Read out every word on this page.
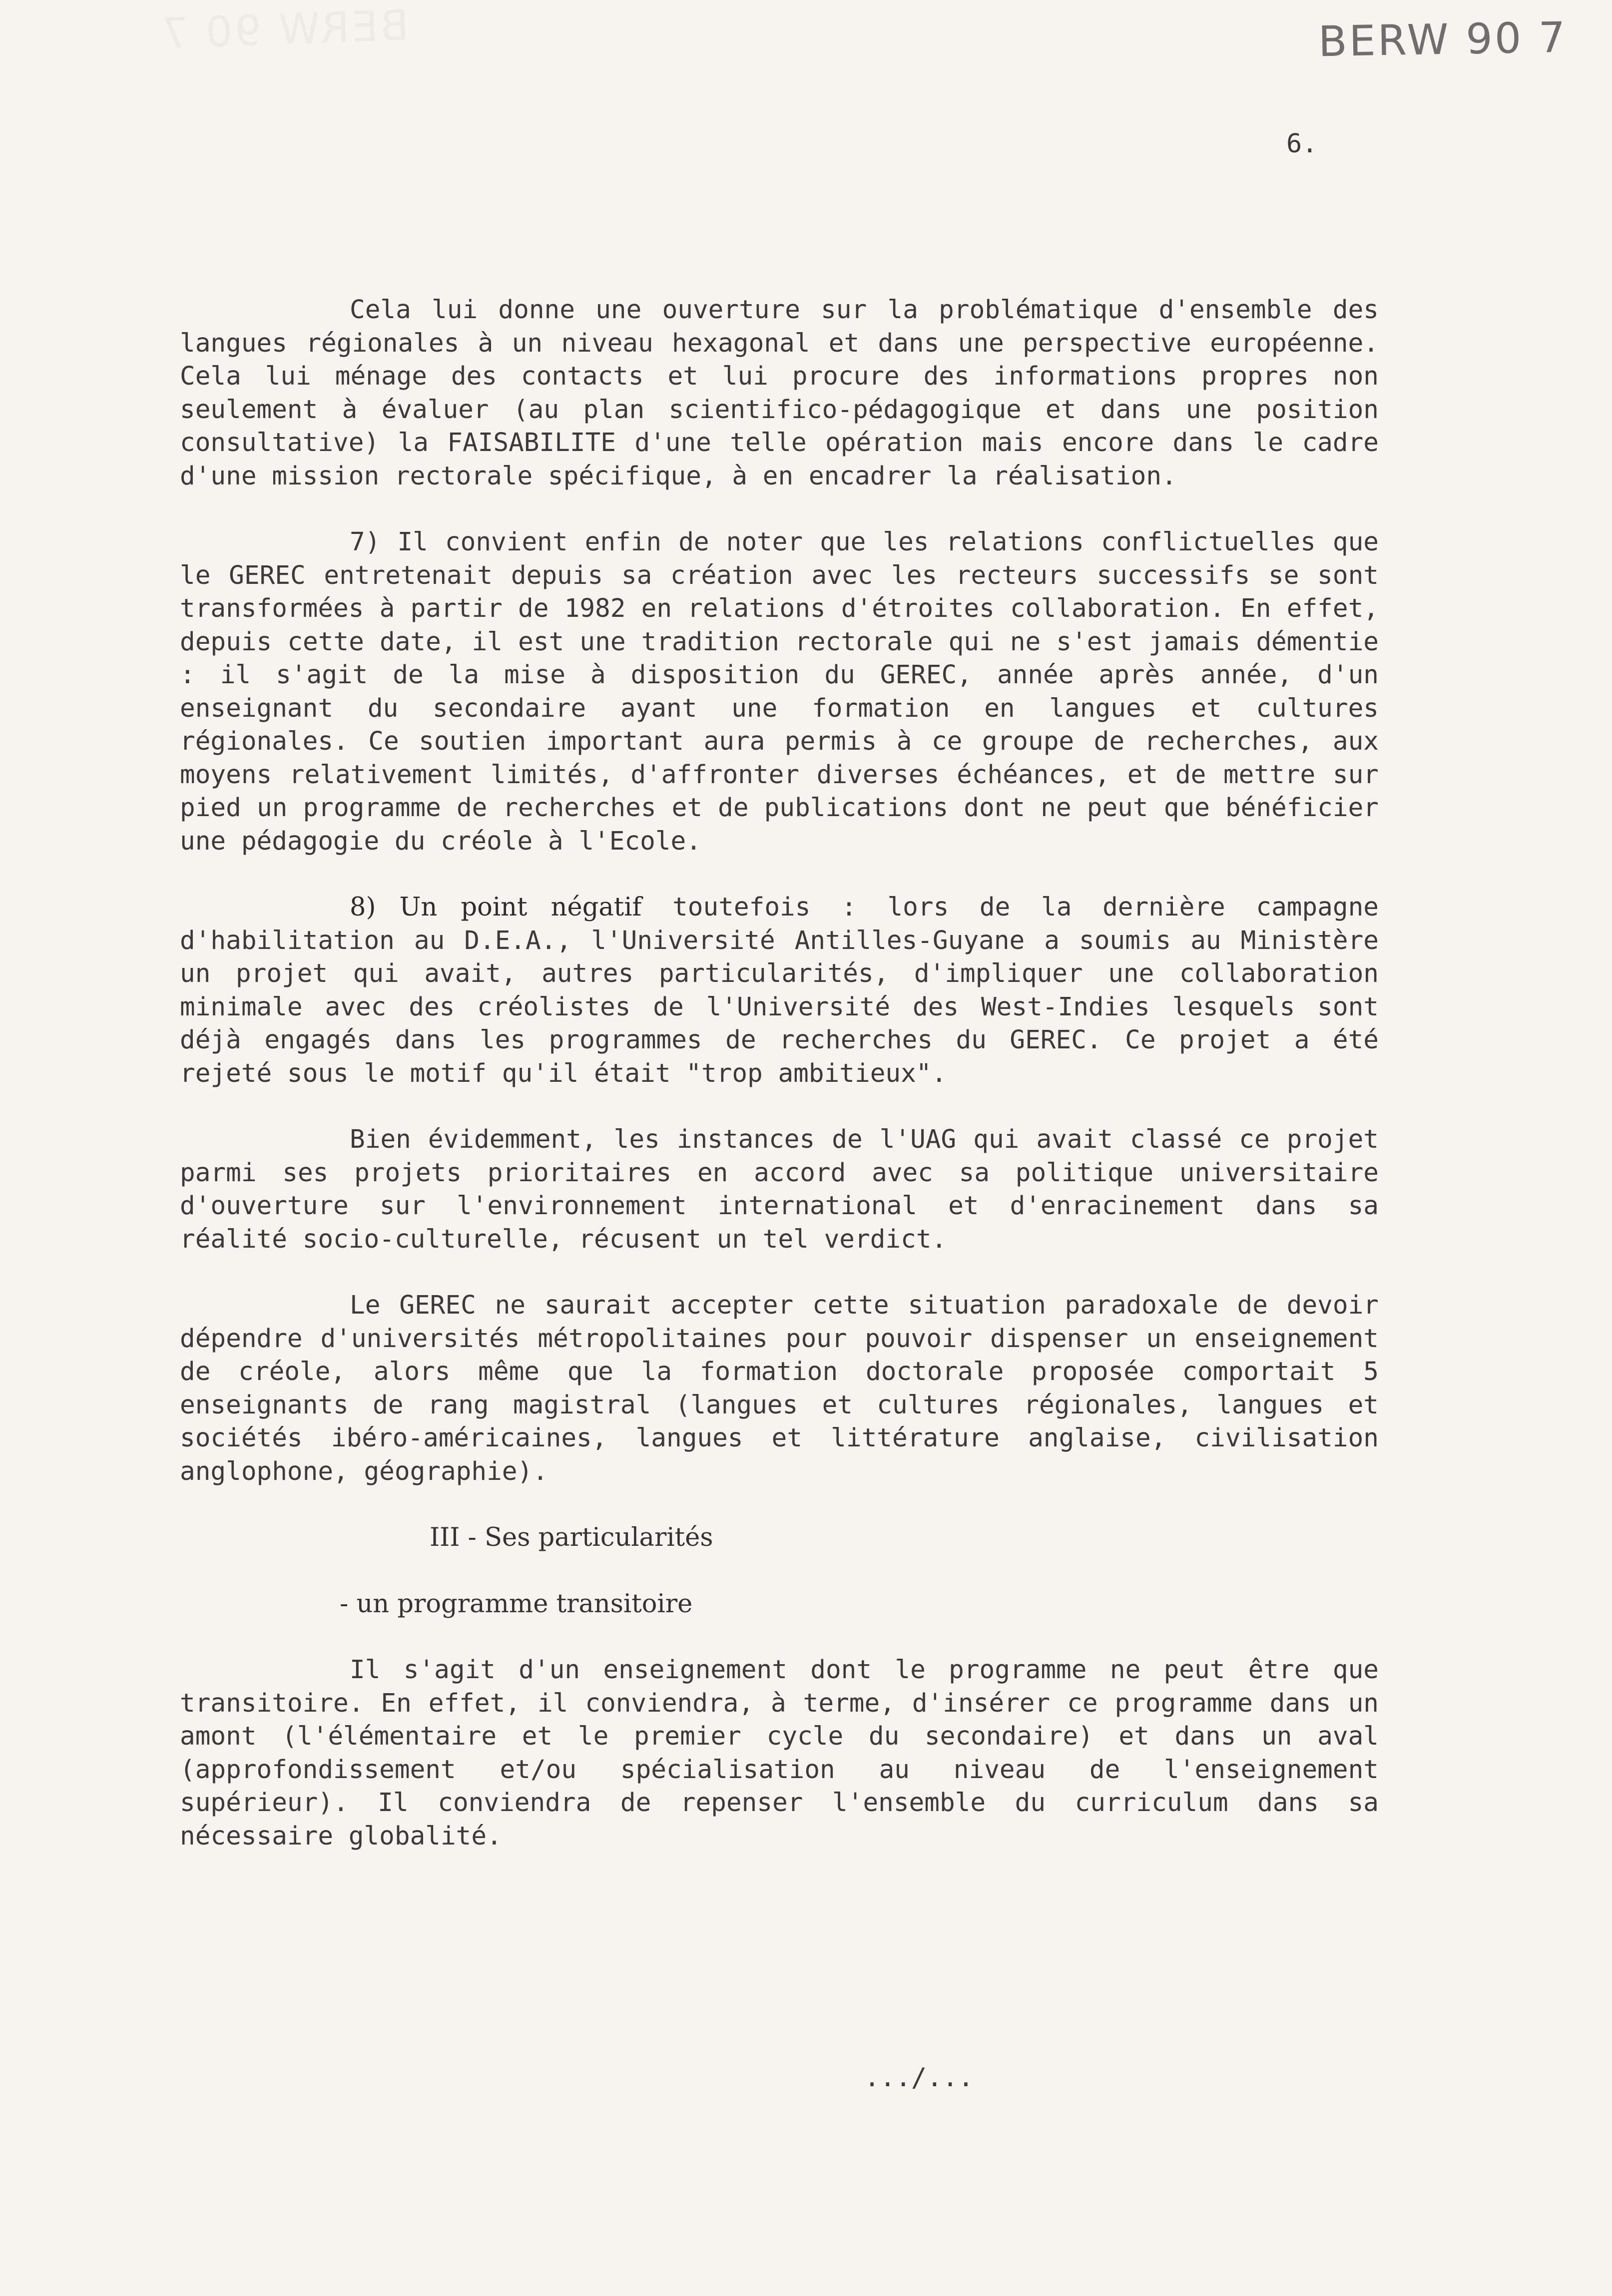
BERW 90 7	BERW 90 7
6.

Cela lui donne une ouverture sur la problématique d'ensemble des langues régionales à un niveau hexagonal et dans une perspective européenne. Cela lui ménage des contacts et lui procure des informations propres non seulement à évaluer (au plan scientifico-pédagogique et dans une position consultative) la FAISABILITE d'une telle opération mais encore dans le cadre d'une mission rectorale spécifique, à en encadrer la réalisation.

7) Il convient enfin de noter que les relations conflictuelles que le GEREC entretenait depuis sa création avec les recteurs successifs se sont transformées à partir de 1982 en relations d'étroites collaboration. En effet, depuis cette date, il est une tradition rectorale qui ne s'est jamais démentie : il s'agit de la mise à disposition du GEREC, année après année, d'un enseignant du secondaire ayant une formation en langues et cultures régionales. Ce soutien important aura permis à ce groupe de recherches, aux moyens relativement limités, d'affronter diverses échéances, et de mettre sur pied un programme de recherches et de publications dont ne peut que bénéficier une pédagogie du créole à l'Ecole.

8) Un point négatif toutefois : lors de la dernière campagne d'habilitation au D.E.A., l'Université Antilles-Guyane a soumis au Ministère un projet qui avait, autres particularités, d'impliquer une collaboration minimale avec des créolistes de l'Université des West-Indies lesquels sont déjà engagés dans les programmes de recherches du GEREC. Ce projet a été rejeté sous le motif qu'il était "trop ambitieux".

Bien évidemment, les instances de l'UAG qui avait classé ce projet parmi ses projets prioritaires en accord avec sa politique universitaire d'ouverture sur l'environnement international et d'enracinement dans sa réalité socio-culturelle, récusent un tel verdict.

Le GEREC ne saurait accepter cette situation paradoxale de devoir dépendre d'universités métropolitaines pour pouvoir dispenser un enseignement de créole, alors même que la formation doctorale proposée comportait 5 enseignants de rang magistral (langues et cultures régionales, langues et sociétés ibéro-américaines, langues et littérature anglaise, civilisation anglophone, géographie).

III - Ses particularités

- un programme transitoire

Il s'agit d'un enseignement dont le programme ne peut être que transitoire. En effet, il conviendra, à terme, d'insérer ce programme dans un amont (l'élémentaire et le premier cycle du secondaire) et dans un aval (approfondissement et/ou spécialisation au niveau de l'enseignement supérieur). Il conviendra de repenser l'ensemble du curriculum dans sa nécessaire globalité.

.../...
